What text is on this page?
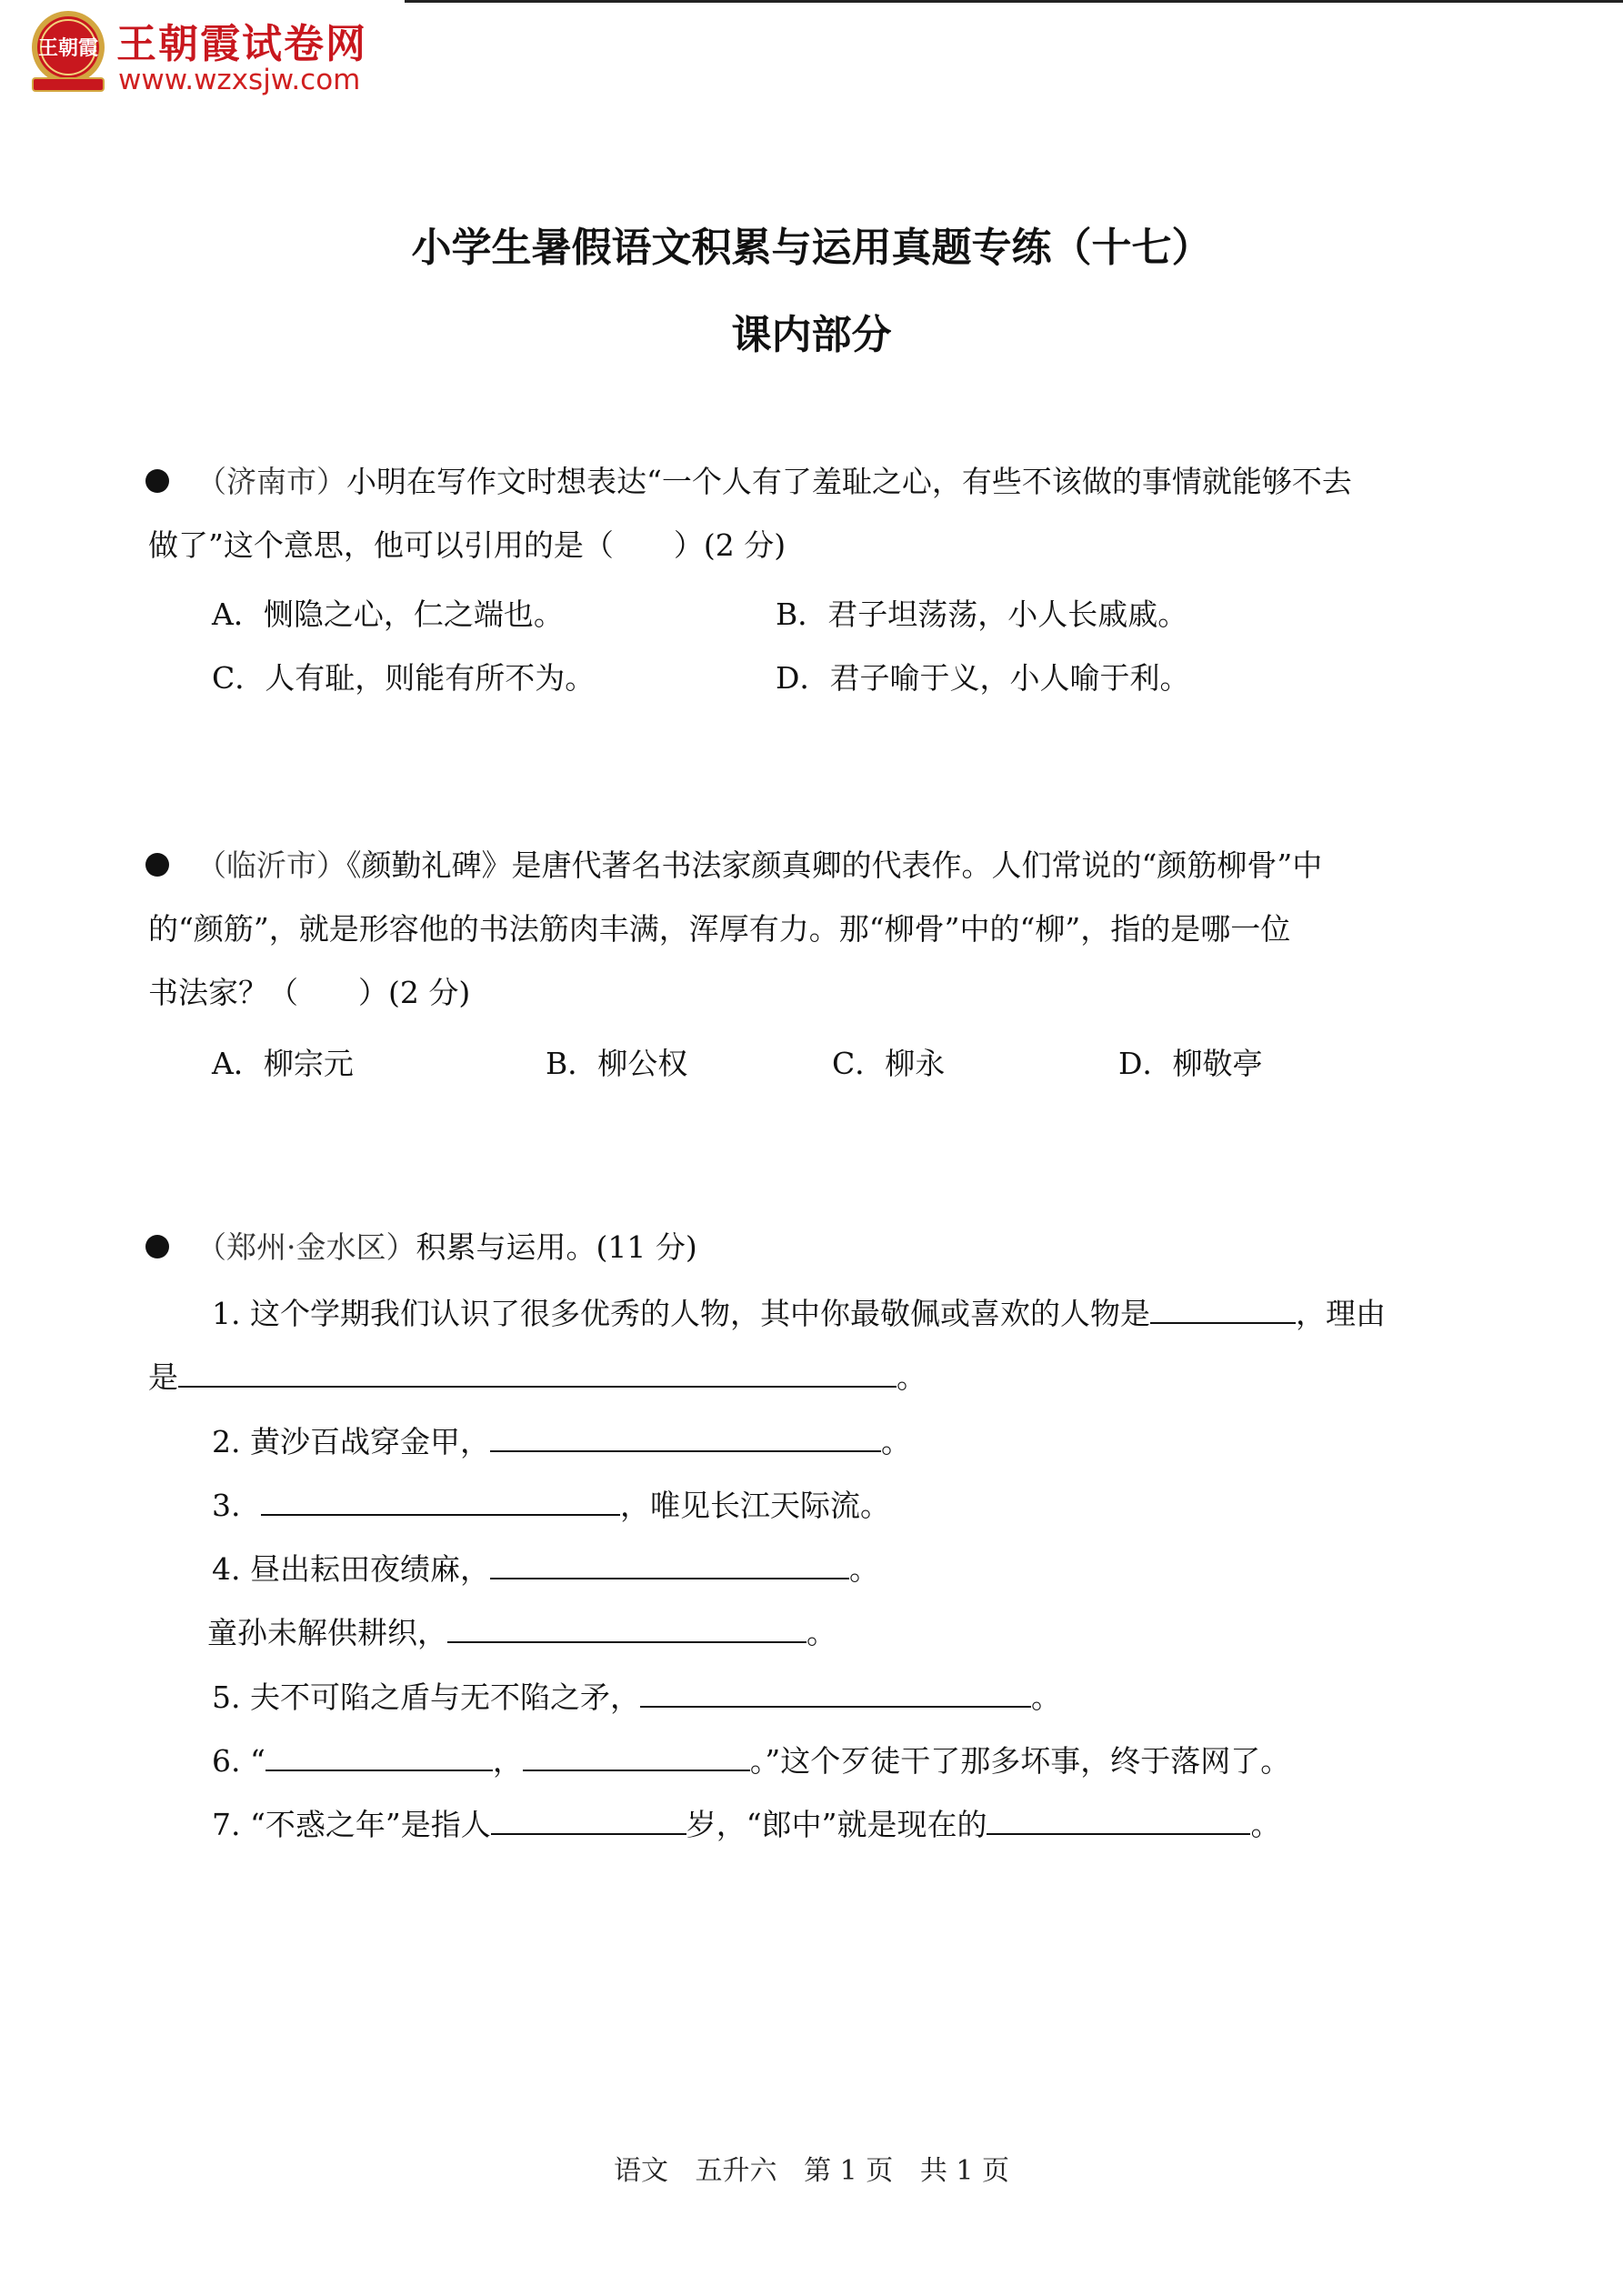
王朝霞 王朝霞试卷网
www.wzxsjw.com
小学生暑假语文积累与运用真题专练（十七）
课内部分
（济南市）小明在写作文时想表达“一个人有了羞耻之心，有些不该做的事情就能够不去
做了”这个意思，他可以引用的是（　　）(2 分)
A．恻隐之心，仁之端也。	B．君子坦荡荡，小人长戚戚。
C．人有耻，则能有所不为。	D．君子喻于义，小人喻于利。
（临沂市）《颜勤礼碑》是唐代著名书法家颜真卿的代表作。人们常说的“颜筋柳骨”中
的“颜筋”，就是形容他的书法筋肉丰满，浑厚有力。那“柳骨”中的“柳”，指的是哪一位
书法家？（　　）(2 分)
A．柳宗元	B．柳公权	C．柳永	D．柳敬亭
（郑州·金水区）积累与运用。(11 分)
1. 这个学期我们认识了很多优秀的人物，其中你最敬佩或喜欢的人物是	，理由
是	。
2. 黄沙百战穿金甲，	。
3.	，唯见长江天际流。
4. 昼出耘田夜绩麻，	。
童孙未解供耕织，	。
5. 夫不可陷之盾与无不陷之矛，	。
6. “	，	。”这个歹徒干了那多坏事，终于落网了。
7. “不惑之年”是指人	岁，“郎中”就是现在的	。
语文 五升六 第 1 页 共 1 页
